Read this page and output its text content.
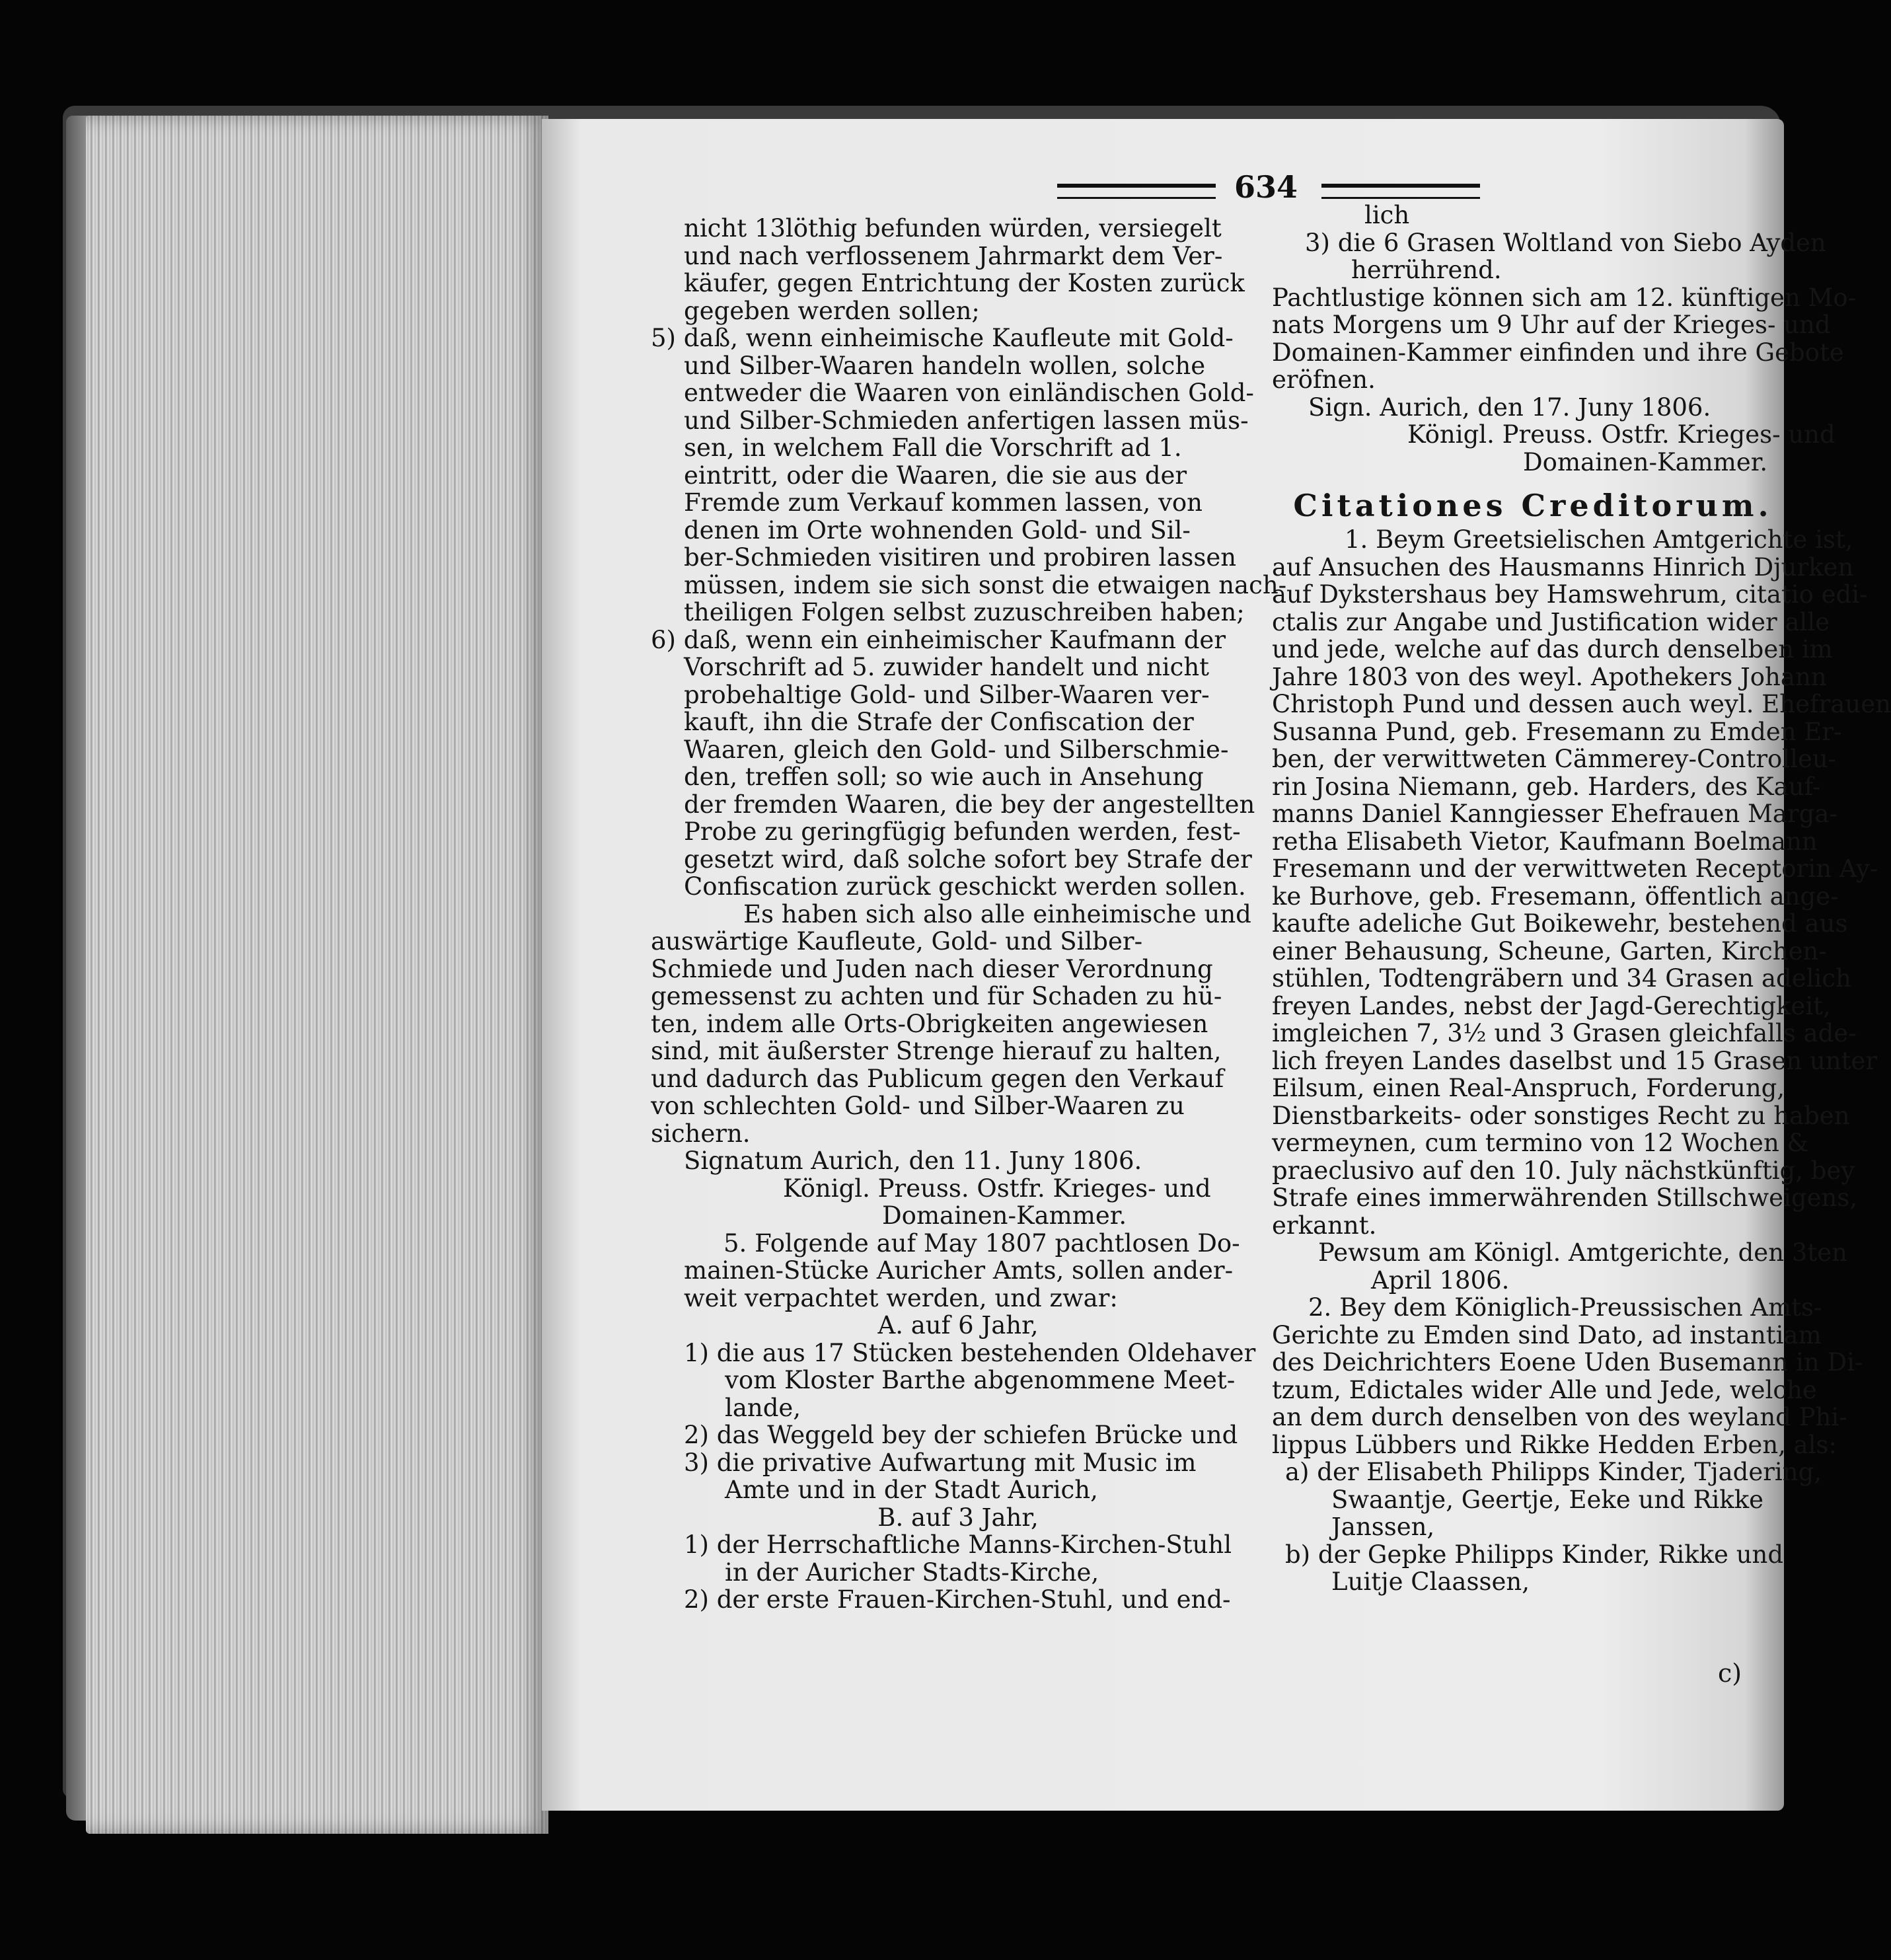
634
nicht 13löthig befunden würden, versiegelt
und nach verflossenem Jahrmarkt dem Ver-
käufer, gegen Entrichtung der Kosten zurück
gegeben werden sollen;
5) daß, wenn einheimische Kaufleute mit Gold-
und Silber-Waaren handeln wollen, solche
entweder die Waaren von einländischen Gold-
und Silber-Schmieden anfertigen lassen müs-
sen, in welchem Fall die Vorschrift ad 1.
eintritt, oder die Waaren, die sie aus der
Fremde zum Verkauf kommen lassen, von
denen im Orte wohnenden Gold- und Sil-
ber-Schmieden visitiren und probiren lassen
müssen, indem sie sich sonst die etwaigen nach-
theiligen Folgen selbst zuzuschreiben haben;
6) daß, wenn ein einheimischer Kaufmann der
Vorschrift ad 5. zuwider handelt und nicht
probehaltige Gold- und Silber-Waaren ver-
kauft, ihn die Strafe der Confiscation der
Waaren, gleich den Gold- und Silberschmie-
den, treffen soll; so wie auch in Ansehung
der fremden Waaren, die bey der angestellten
Probe zu geringfügig befunden werden, fest-
gesetzt wird, daß solche sofort bey Strafe der
Confiscation zurück geschickt werden sollen.
Es haben sich also alle einheimische und
auswärtige Kaufleute, Gold- und Silber-
Schmiede und Juden nach dieser Verordnung
gemessenst zu achten und für Schaden zu hü-
ten, indem alle Orts-Obrigkeiten angewiesen
sind, mit äußerster Strenge hierauf zu halten,
und dadurch das Publicum gegen den Verkauf
von schlechten Gold- und Silber-Waaren zu
sichern.
Signatum Aurich, den 11. Juny 1806.
Königl. Preuss. Ostfr. Krieges- und
Domainen-Kammer.
5. Folgende auf May 1807 pachtlosen Do-
mainen-Stücke Auricher Amts, sollen ander-
weit verpachtet werden, und zwar:
A. auf 6 Jahr,
1) die aus 17 Stücken bestehenden Oldehaver
vom Kloster Barthe abgenommene Meet-
lande,
2) das Weggeld bey der schiefen Brücke und
3) die privative Aufwartung mit Music im
Amte und in der Stadt Aurich,
B. auf 3 Jahr,
1) der Herrschaftliche Manns-Kirchen-Stuhl
in der Auricher Stadts-Kirche,
2) der erste Frauen-Kirchen-Stuhl, und end-
lich
3) die 6 Grasen Woltland von Siebo Ayden
herrührend.
Pachtlustige können sich am 12. künftigen Mo-
nats Morgens um 9 Uhr auf der Krieges- und
Domainen-Kammer einfinden und ihre Gebote
eröfnen.
Sign. Aurich, den 17. Juny 1806.
Königl. Preuss. Ostfr. Krieges- und
Domainen-Kammer.
Citationes Creditorum.
1. Beym Greetsielischen Amtgerichte ist,
auf Ansuchen des Hausmanns Hinrich Djurken
auf Dykstershaus bey Hamswehrum, citatio edi-
ctalis zur Angabe und Justification wider alle
und jede, welche auf das durch denselben im
Jahre 1803 von des weyl. Apothekers Johann
Christoph Pund und dessen auch weyl. Ehefrauen
Susanna Pund, geb. Fresemann zu Emden Er-
ben, der verwittweten Cämmerey-Controlleu-
rin Josina Niemann, geb. Harders, des Kauf-
manns Daniel Kanngiesser Ehefrauen Marga-
retha Elisabeth Vietor, Kaufmann Boelmann
Fresemann und der verwittweten Receptorin Ay-
ke Burhove, geb. Fresemann, öffentlich ange-
kaufte adeliche Gut Boikewehr, bestehend aus
einer Behausung, Scheune, Garten, Kirchen-
stühlen, Todtengräbern und 34 Grasen adelich
freyen Landes, nebst der Jagd-Gerechtigkeit,
imgleichen 7, 3½ und 3 Grasen gleichfalls ade-
lich freyen Landes daselbst und 15 Grasen unter
Eilsum, einen Real-Anspruch, Forderung,
Dienstbarkeits- oder sonstiges Recht zu haben
vermeynen, cum termino von 12 Wochen &
praeclusivo auf den 10. July nächstkünftig, bey
Strafe eines immerwährenden Stillschweigens,
erkannt.
Pewsum am Königl. Amtgerichte, den 3ten
April 1806.
2. Bey dem Königlich-Preussischen Amts-
Gerichte zu Emden sind Dato, ad instantiam
des Deichrichters Eoene Uden Busemann in Di-
tzum, Edictales wider Alle und Jede, welche
an dem durch denselben von des weyland Phi-
lippus Lübbers und Rikke Hedden Erben, als:
a) der Elisabeth Philipps Kinder, Tjadering,
Swaantje, Geertje, Eeke und Rikke
Janssen,
b) der Gepke Philipps Kinder, Rikke und
Luitje Claassen,
c)
